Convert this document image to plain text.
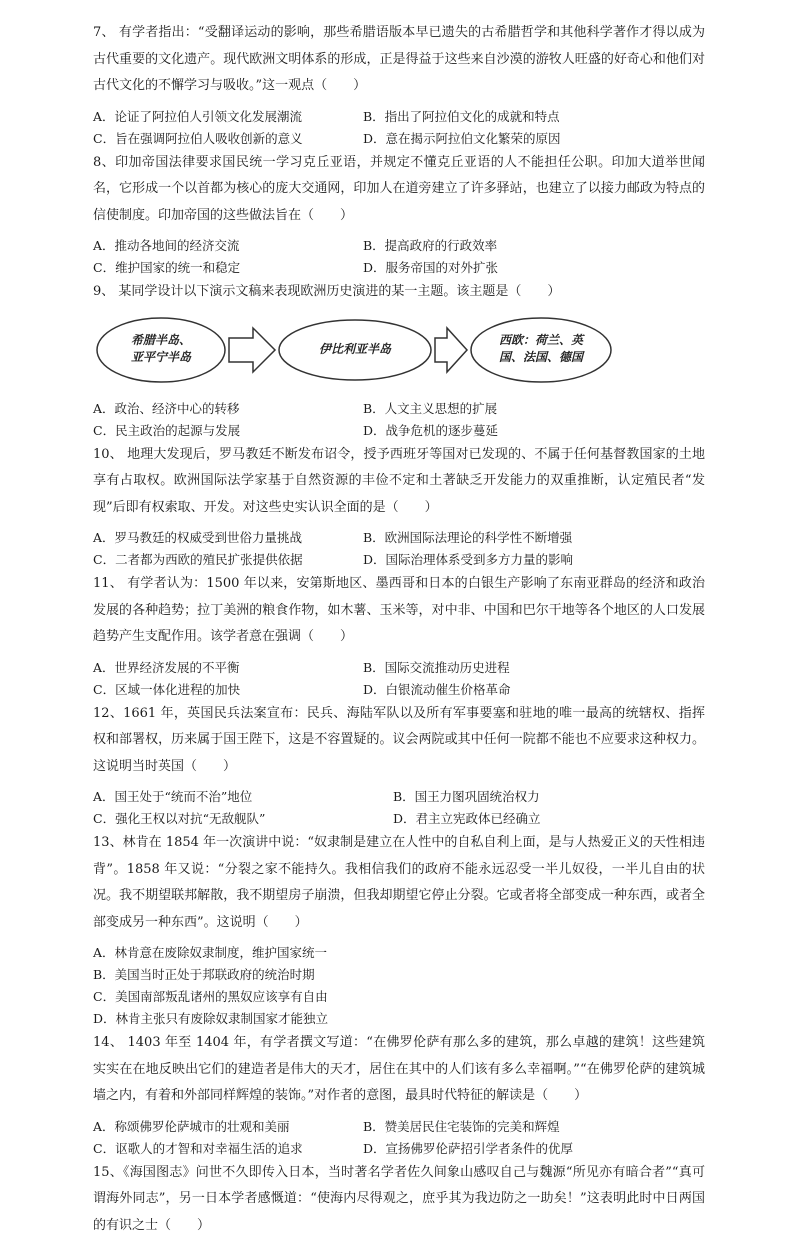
7、 有学者指出：“受翻译运动的影响，那些希腊语版本早已遗失的古希腊哲学和其他科学著作才得以成为古代重要的文化遗产。现代欧洲文明体系的形成，正是得益于这些来自沙漠的游牧人旺盛的好奇心和他们对古代文化的不懈学习与吸收。”这一观点（　　）

A．论证了阿拉伯人引领文化发展潮流	B．指出了阿拉伯文化的成就和特点
C．旨在强调阿拉伯人吸收创新的意义	D．意在揭示阿拉伯文化繁荣的原因

8、印加帝国法律要求国民统一学习克丘亚语，并规定不懂克丘亚语的人不能担任公职。印加大道举世闻名，它形成一个以首都为核心的庞大交通网，印加人在道旁建立了许多驿站，也建立了以接力邮政为特点的信使制度。印加帝国的这些做法旨在（　　）

A．推动各地间的经济交流	B．提高政府的行政效率
C．维护国家的统一和稳定	D．服务帝国的对外扩张

9、 某同学设计以下演示文稿来表现欧洲历史演进的某一主题。该主题是（　　）

希腊半岛、
亚平宁半岛
伊比利亚半岛
西欧：荷兰、英
国、法国、德国
A．政治、经济中心的转移	B．人文主义思想的扩展
C．民主政治的起源与发展	D．战争危机的逐步蔓延

10、 地理大发现后，罗马教廷不断发布诏令，授予西班牙等国对已发现的、不属于任何基督教国家的土地享有占取权。欧洲国际法学家基于自然资源的丰俭不定和土著缺乏开发能力的双重推断，认定殖民者“发现”后即有权索取、开发。对这些史实认识全面的是（　　）

A．罗马教廷的权威受到世俗力量挑战	B．欧洲国际法理论的科学性不断增强
C．二者都为西欧的殖民扩张提供依据	D．国际治理体系受到多方力量的影响

11、 有学者认为：1500 年以来，安第斯地区、墨西哥和日本的白银生产影响了东南亚群岛的经济和政治发展的各种趋势；拉丁美洲的粮食作物，如木薯、玉米等，对中非、中国和巴尔干地等各个地区的人口发展趋势产生支配作用。该学者意在强调（　　）

A．世界经济发展的不平衡	B．国际交流推动历史进程
C．区域一体化进程的加快	D．白银流动催生价格革命

12、1661 年，英国民兵法案宣布：民兵、海陆军队以及所有军事要塞和驻地的唯一最高的统辖权、指挥权和部署权，历来属于国王陛下，这是不容置疑的。议会两院或其中任何一院都不能也不应要求这种权力。这说明当时英国（　　）

A．国王处于“统而不治”地位	B．国王力图巩固统治权力
C．强化王权以对抗“无敌舰队”	D．君主立宪政体已经确立

13、林肯在 1854 年一次演讲中说：“奴隶制是建立在人性中的自私自利上面，是与人热爱正义的天性相违背”。1858 年又说：“分裂之家不能持久。我相信我们的政府不能永远忍受一半儿奴役，一半儿自由的状况。我不期望联邦解散，我不期望房子崩溃，但我却期望它停止分裂。它或者将全部变成一种东西，或者全部变成另一种东西”。这说明（　　）

A．林肯意在废除奴隶制度，维护国家统一
B．美国当时正处于邦联政府的统治时期
C．美国南部叛乱诸州的黑奴应该享有自由
D．林肯主张只有废除奴隶制国家才能独立

14、 1403 年至 1404 年，有学者撰文写道：“在佛罗伦萨有那么多的建筑，那么卓越的建筑！这些建筑实实在在地反映出它们的建造者是伟大的天才，居住在其中的人们该有多么幸福啊。”“在佛罗伦萨的建筑城墙之内，有着和外部同样辉煌的装饰。”对作者的意图，最具时代特征的解读是（　　）

A．称颂佛罗伦萨城市的壮观和美丽	B．赞美居民住宅装饰的完美和辉煌
C．讴歌人的才智和对幸福生活的追求	D．宣扬佛罗伦萨招引学者条件的优厚

15、《海国图志》问世不久即传入日本，当时著名学者佐久间象山感叹自己与魏源“所见亦有暗合者”“真可谓海外同志”，另一日本学者感慨道：“使海内尽得观之，庶乎其为我边防之一助矣！”这表明此时中日两国的有识之士（　　）
